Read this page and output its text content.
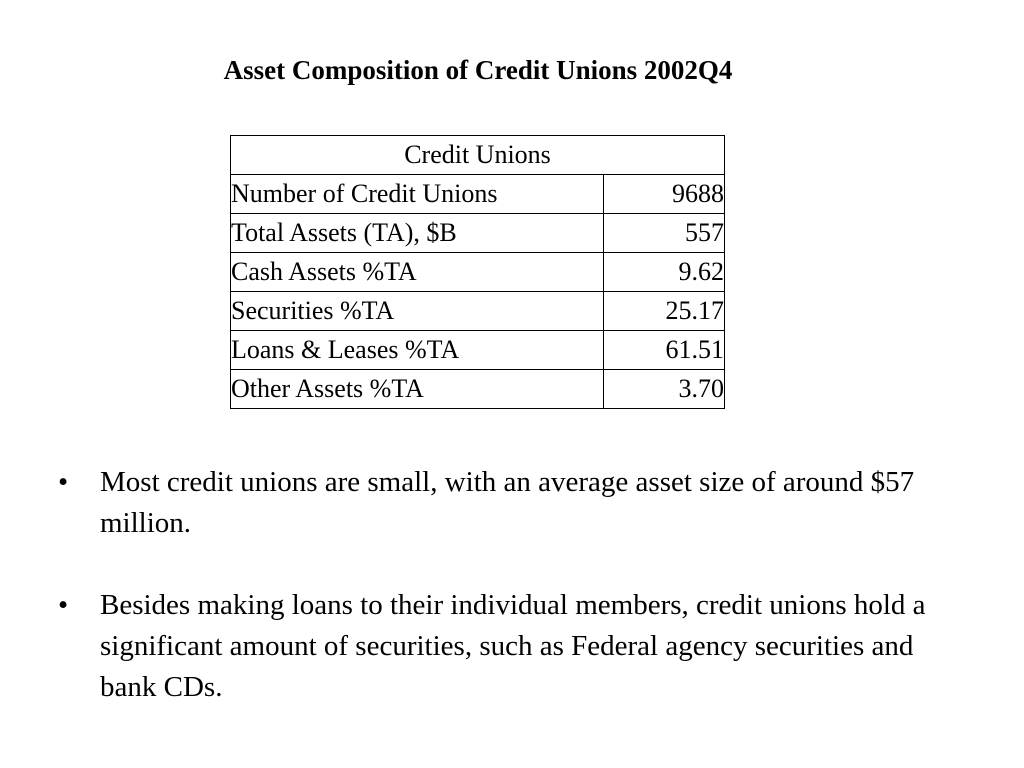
Asset Composition of Credit Unions 2002Q4
Credit Unions	
Number of Credit Unions	9688
Total Assets (TA), $B	557
Cash Assets %TA	9.62
Securities %TA	25.17
Loans & Leases %TA	61.51
Other Assets %TA	3.70
• Most credit unions are small, with an average asset size of around $57 million.
• Besides making loans to their individual members, credit unions hold a significant amount of securities, such as Federal agency securities and bank CDs.
